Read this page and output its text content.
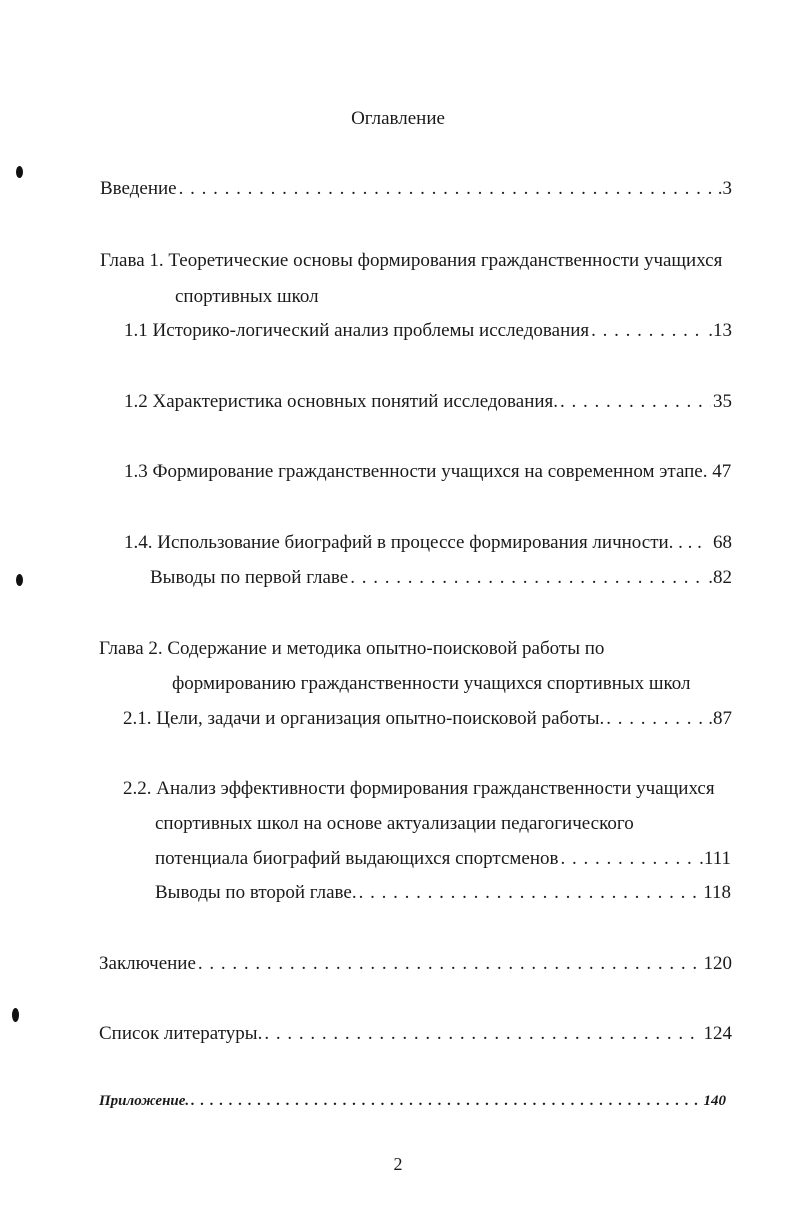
Оглавление
Введение . . .	.3
Глава 1. Теоретические основы формирования гражданственности учащихся
спортивных школ
1.1 Историко-логический анализ проблемы исследования . . .	.13
1.2 Характеристика основных понятий исследования. . . .	35
1.3 Формирование гражданственности учащихся на современном этапе. 47
1.4. Использование биографий в процессе формирования личности. . . . 68
Выводы по первой главе . . .	.82
Глава 2. Содержание и методика опытно-поисковой работы по
формированию гражданственности учащихся спортивных школ
2.1. Цели, задачи и организация опытно-поисковой работы. . . .	.87
2.2. Анализ эффективности формирования гражданственности учащихся
спортивных школ на основе актуализации педагогического
потенциала биографий выдающихся спортсменов . . .	.111
Выводы по второй главе. . . .	118
Заключение . . .	120
Список литературы. . . .	124
Приложение. . . .	140
2
